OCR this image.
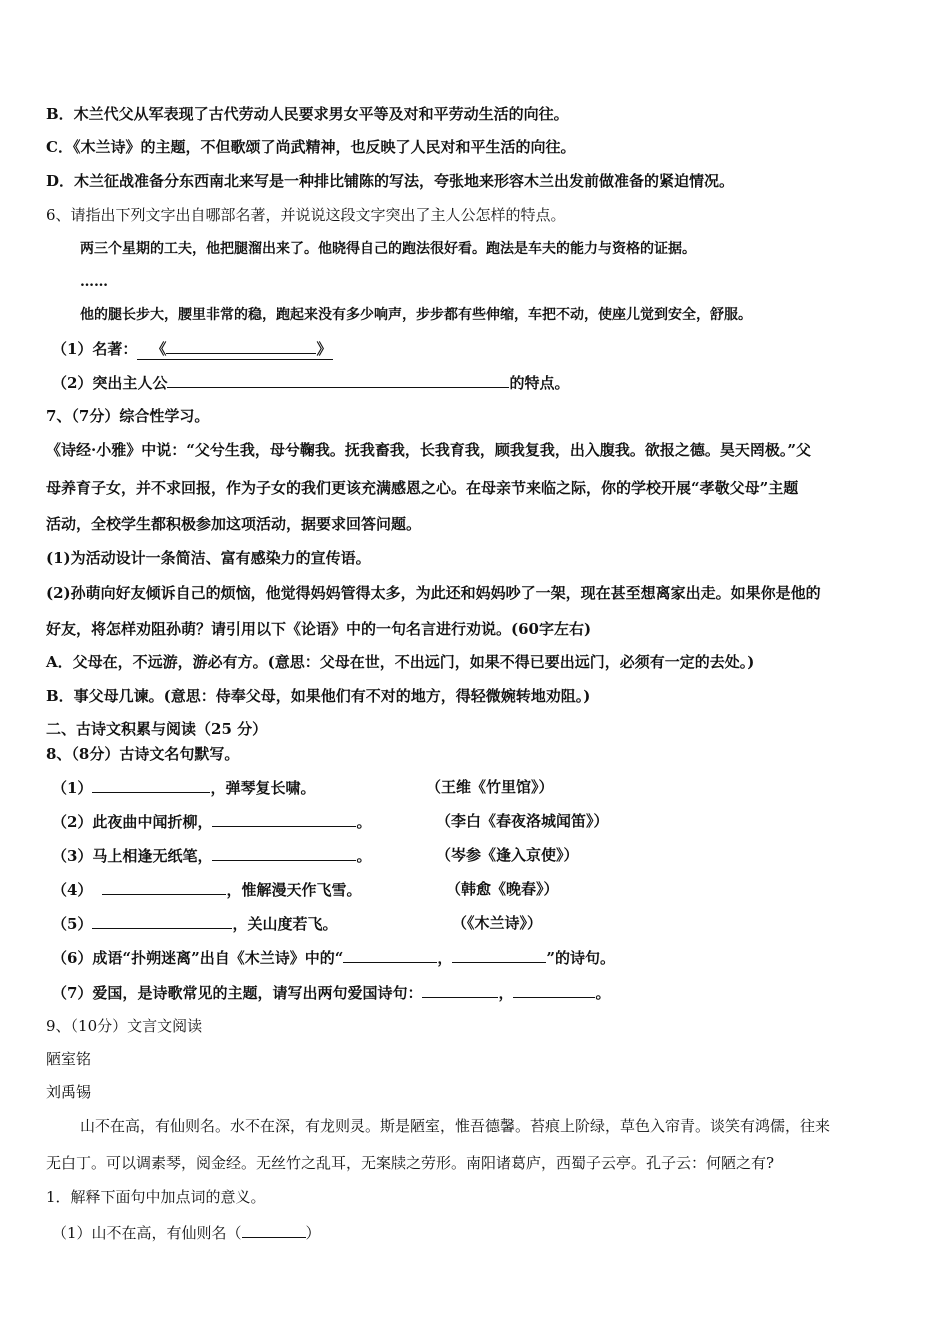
B．木兰代父从军表现了古代劳动人民要求男女平等及对和平劳动生活的向往。
C．《木兰诗》的主题，不但歌颂了尚武精神，也反映了人民对和平生活的向往。
D．木兰征战准备分东西南北来写是一种排比铺陈的写法，夸张地来形容木兰出发前做准备的紧迫情况。
6、请指出下列文字出自哪部名著，并说说这段文字突出了主人公怎样的特点。
两三个星期的工夫，他把腿溜出来了。他晓得自己的跑法很好看。跑法是车夫的能力与资格的证据。
……
他的腿长步大，腰里非常的稳，跑起来没有多少响声，步步都有些伸缩，车把不动，使座儿觉到安全，舒服。
（1）名著： 《	》
（2）突出主人公	的特点。
7、（7分）综合性学习。
《诗经·小雅》中说：“父兮生我，母兮鞠我。抚我畜我，长我育我，顾我复我，出入腹我。欲报之德。昊天罔极。”父
母养育子女，并不求回报，作为子女的我们更该充满感恩之心。在母亲节来临之际，你的学校开展“孝敬父母”主题
活动，全校学生都积极参加这项活动，据要求回答问题。
(1)为活动设计一条简洁、富有感染力的宣传语。
(2)孙萌向好友倾诉自己的烦恼，他觉得妈妈管得太多，为此还和妈妈吵了一架，现在甚至想离家出走。如果你是他的
好友，将怎样劝阻孙萌？请引用以下《论语》中的一句名言进行劝说。(60字左右)
A．父母在，不远游，游必有方。(意思：父母在世，不出远门，如果不得已要出远门，必须有一定的去处。)
B．事父母几谏。(意思：侍奉父母，如果他们有不对的地方，得轻微婉转地劝阻。)
二、古诗文积累与阅读（25 分）
8、（8分）古诗文名句默写。
（1）	，弹琴复长啸。	（王维《竹里馆》）
（2）此夜曲中闻折柳，	。	（李白《春夜洛城闻笛》）
（3）马上相逢无纸笔，	。	（岑参《逢入京使》）
（4）	，惟解漫天作飞雪。	（韩愈《晚春》）
（5）	，关山度若飞。	（《木兰诗》）
（6）成语“扑朔迷离”出自《木兰诗》中的“	，	”的诗句。
（7）爱国，是诗歌常见的主题，请写出两句爱国诗句：	，	。
9、（10分）文言文阅读
陋室铭
刘禹锡
山不在高，有仙则名。水不在深，有龙则灵。斯是陋室，惟吾德馨。苔痕上阶绿，草色入帘青。谈笑有鸿儒，往来
无白丁。可以调素琴，阅金经。无丝竹之乱耳，无案牍之劳形。南阳诸葛庐，西蜀子云亭。孔子云：何陋之有?
1．解释下面句中加点词的意义。
（1）山不在高，有仙则名（	）
